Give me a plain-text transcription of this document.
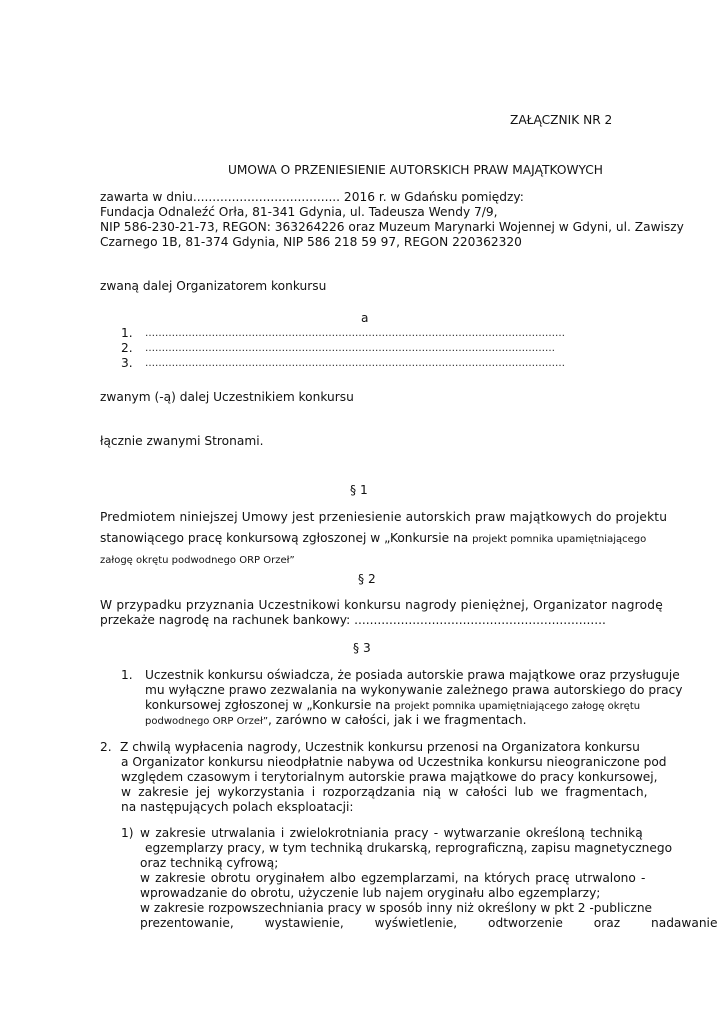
ZAŁĄCZNIK NR 2

UMOWA O PRZENIESIENIE AUTORSKICH PRAW MAJĄTKOWYCH

zawarta w dniu...................................... 2016 r. w Gdańsku pomiędzy:

Fundacja Odnaleźć Orła, 81-341 Gdynia, ul. Tadeusza Wendy 7/9,

NIP 586-230-21-73, REGON: 363264226 oraz Muzeum Marynarki Wojennej w Gdyni, ul. Zawiszy

Czarnego 1B, 81-374 Gdynia, NIP 586 218 59 97, REGON 220362320

zwaną dalej Organizatorem konkursu

a

1. ………………………………………………………………………………………………………………

2. ……………………………………………………………………………………………………………

3. ………………………………………………………………………………………………………………

zwanym (-ą) dalej Uczestnikiem konkursu

łącznie zwanymi Stronami.

§ 1

Predmiotem niniejszej Umowy jest przeniesienie autorskich praw majątkowych do projektu

stanowiącego pracę konkursową zgłoszonej w „Konkursie na projekt pomnika upamiętniającego

załogę okrętu podwodnego ORP Orzeł”

§ 2

W przypadku przyznania Uczestnikowi konkursu nagrody pieniężnej, Organizator nagrodę

przekaże nagrodę na rachunek bankowy: .................................................................

§ 3

1. Uczestnik konkursu oświadcza, że posiada autorskie prawa majątkowe oraz przysługuje

mu wyłączne prawo zezwalania na wykonywanie zależnego prawa autorskiego do pracy

konkursowej zgłoszonej w „Konkursie na projekt pomnika upamiętniającego załogę okrętu

podwodnego ORP Orzeł”, zarówno w całości, jak i we fragmentach.

2. Z chwilą wypłacenia nagrody, Uczestnik konkursu przenosi na Organizatora konkursu

a Organizator konkursu nieodpłatnie nabywa od Uczestnika konkursu nieograniczone pod

względem czasowym i terytorialnym autorskie prawa majątkowe do pracy konkursowej,

w zakresie jej wykorzystania i rozporządzania nią w całości lub we fragmentach,

na następujących polach eksploatacji:

1) w zakresie utrwalania i zwielokrotniania pracy - wytwarzanie określoną techniką

egzemplarzy pracy, w tym techniką drukarską, reprograficzną, zapisu magnetycznego

oraz techniką cyfrową;

w zakresie obrotu oryginałem albo egzemplarzami, na których pracę utrwalono -

wprowadzanie do obrotu, użyczenie lub najem oryginału albo egzemplarzy;

w zakresie rozpowszechniania pracy w sposób inny niż określony w pkt 2 -publiczne

prezentowanie, wystawienie, wyświetlenie, odtworzenie oraz nadawanie
